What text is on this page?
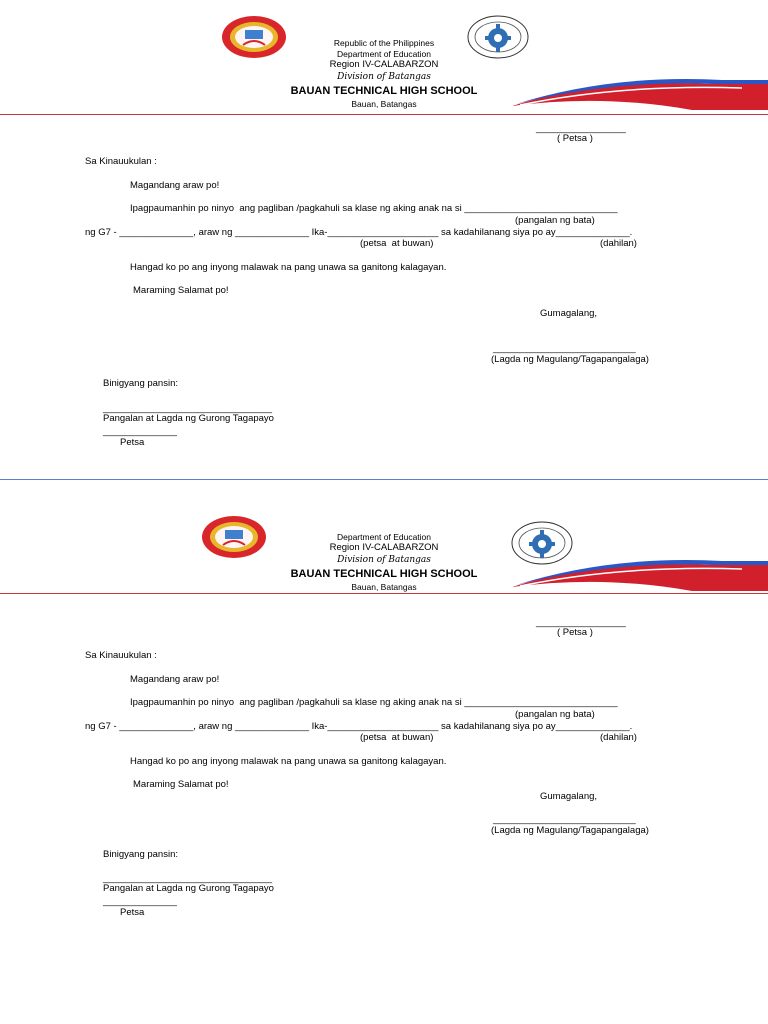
Republic of the Philippines
Department of Education
Region IV-CALABARZON
Division of Batangas
BAUAN TECHNICAL HIGH SCHOOL
Bauan, Batangas
_________________
( Petsa )
Sa Kinauukulan :
Magandang araw po!
Ipagpaumanhin po ninyo  ang pagliban /pagkahuli sa klase ng aking anak na si _____________________________
(pangalan ng bata)
ng G7 - ______________, araw ng ______________ Ika-_____________________ sa kadahilanang siya po ay______________.
(petsa  at buwan)	(dahilan)
Hangad ko po ang inyong malawak na pang unawa sa ganitong kalagayan.
Maraming Salamat po!
Gumagalang,
___________________________
(Lagda ng Magulang/Tagapangalaga)
Binigyang pansin:
________________________________
Pangalan at Lagda ng Gurong Tagapayo
______________
Petsa
Department of Education
Region IV-CALABARZON
Division of Batangas
BAUAN TECHNICAL HIGH SCHOOL
Bauan, Batangas
_________________
( Petsa )
Sa Kinauukulan :
Magandang araw po!
Ipagpaumanhin po ninyo  ang pagliban /pagkahuli sa klase ng aking anak na si _____________________________
(pangalan ng bata)
ng G7 - ______________, araw ng ______________ Ika-_____________________ sa kadahilanang siya po ay______________.
(petsa  at buwan)	(dahilan)
Hangad ko po ang inyong malawak na pang unawa sa ganitong kalagayan.
Maraming Salamat po!
Gumagalang,
___________________________
(Lagda ng Magulang/Tagapangalaga)
Binigyang pansin:
________________________________
Pangalan at Lagda ng Gurong Tagapayo
______________
Petsa
